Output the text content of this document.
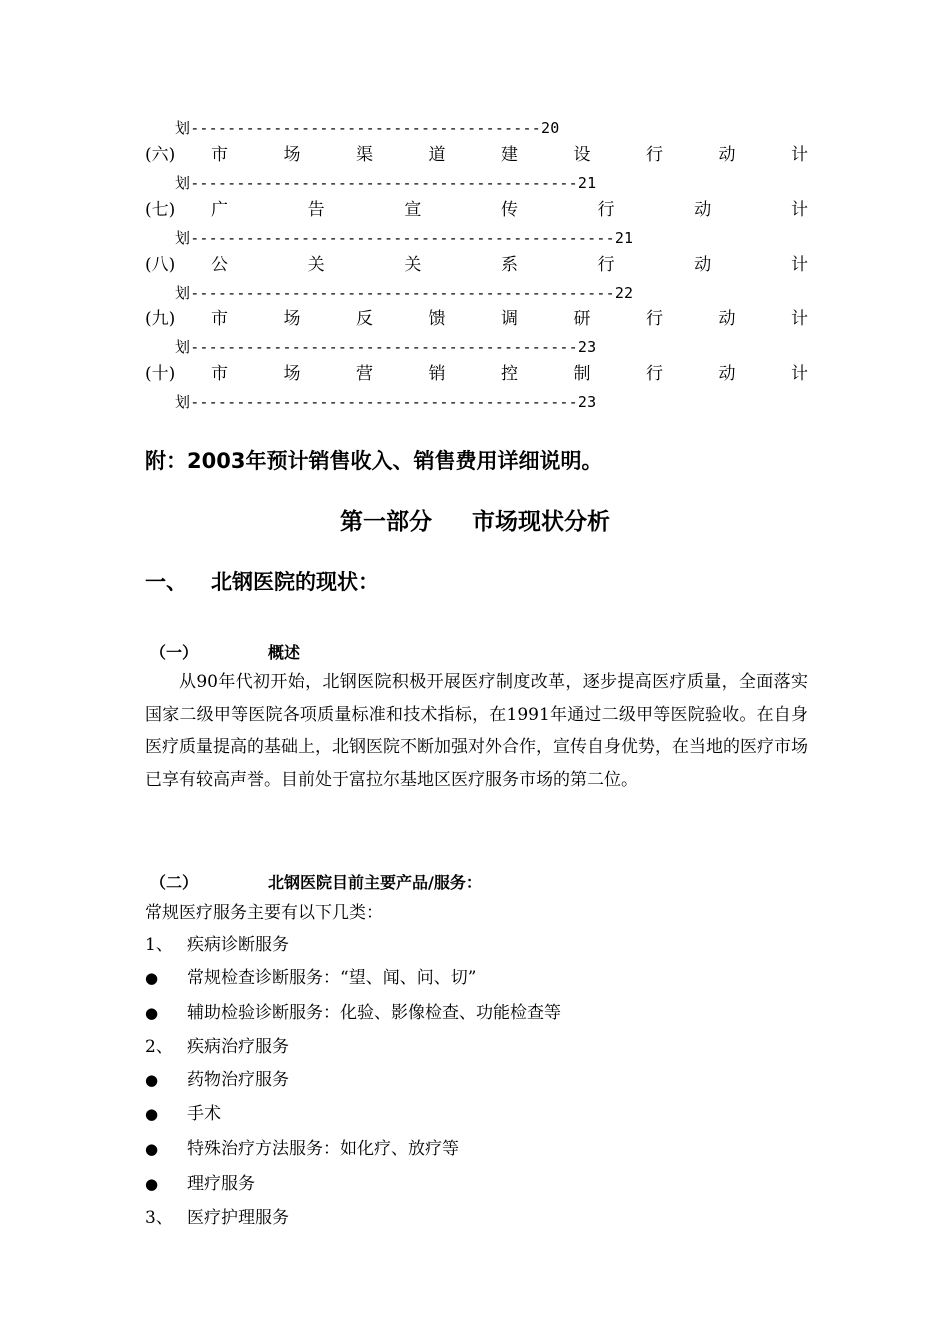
划--------------------------------------20
(六)	市	场	渠	道	建	设	行	动	计
划------------------------------------------21
(七)	广	告	宣	传	行	动	计
划----------------------------------------------21
(八)	公	关	关	系	行	动	计
划----------------------------------------------22
(九)	市	场	反	馈	调	研	行	动	计
划------------------------------------------23
(十)	市	场	营	销	控	制	行	动	计
划------------------------------------------23
附：2003年预计销售收入、销售费用详细说明。
第一部分 市场现状分析
一、 北钢医院的现状：
（一）	概述
从90年代初开始，北钢医院积极开展医疗制度改革，逐步提高医疗质量，全面落实国家二级甲等医院各项质量标准和技术指标，在1991年通过二级甲等医院验收。在自身医疗质量提高的基础上，北钢医院不断加强对外合作，宣传自身优势，在当地的医疗市场已享有较高声誉。目前处于富拉尔基地区医疗服务市场的第二位。
（二）	北钢医院目前主要产品/服务：
常规医疗服务主要有以下几类：
1、 疾病诊断服务
● 常规检查诊断服务：“望、闻、问、切”
● 辅助检验诊断服务：化验、影像检查、功能检查等
2、 疾病治疗服务
● 药物治疗服务
● 手术
● 特殊治疗方法服务：如化疗、放疗等
● 理疗服务
3、 医疗护理服务
